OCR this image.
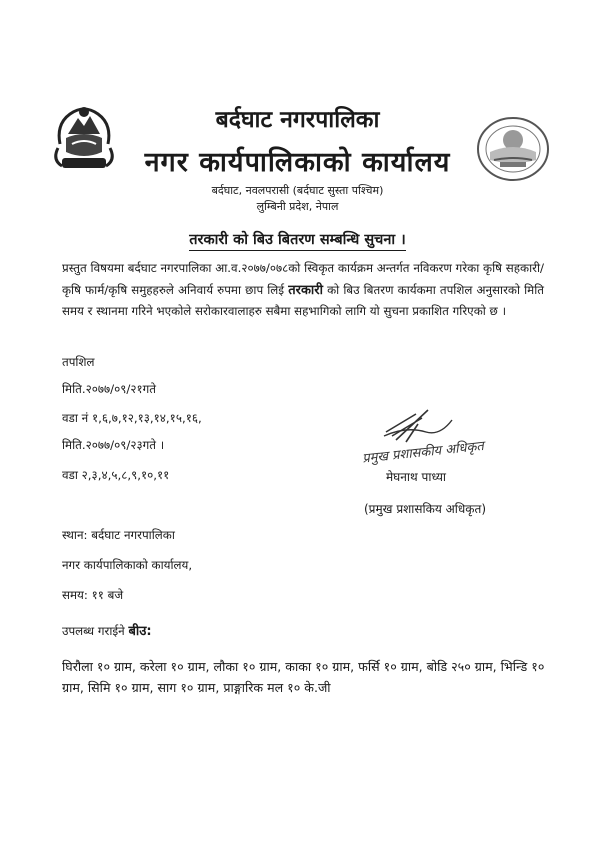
बर्दघाट नगरपालिका
नगर कार्यपालिकाको कार्यालय
बर्दघाट, नवलपरासी (बर्दघाट सुस्ता पश्चिम)
लुम्बिनी प्रदेश, नेपाल
तरकारी को बिउ बितरण सम्बन्धि सुचना ।
प्रस्तुत विषयमा बर्दघाट नगरपालिका आ.व.२०७७/०७८को स्विकृत कार्यक्रम अन्तर्गत नविकरण गरेका कृषि सहकारी/कृषि फार्म/कृषि समुहहरुले अनिवार्य रुपमा छाप लिई तरकारी को बिउ बितरण कार्यकमा तपशिल अनुसारको मिति समय र स्थानमा गरिने भएकोले सरोकारवालाहरु सबैमा सहभागिको लागि यो सुचना प्रकाशित गरिएको छ ।
तपशिल
मिति.२०७७/०९/२१गते
वडा नं १,६,७,१२,१३,१४,१५,१६,
मिति.२०७७/०९/२३गते ।
वडा २,३,४,५,८,९,१०,११
प्रमुख प्रशासकीय अधिकृत
मेघनाथ पाध्या
(प्रमुख प्रशासकिय अधिकृत)
स्थान: बर्दघाट नगरपालिका
नगर कार्यपालिकाको कार्यालय,
समय: ११ बजे
उपलब्ध गराईने बीउ:
घिरौला १० ग्राम, करेला १० ग्राम, लौका १० ग्राम, काका १० ग्राम, फर्सि १० ग्राम, बोडि २५० ग्राम, भिन्डि १० ग्राम, सिमि १० ग्राम, साग १० ग्राम, प्राङ्गारिक मल १० के.जी
